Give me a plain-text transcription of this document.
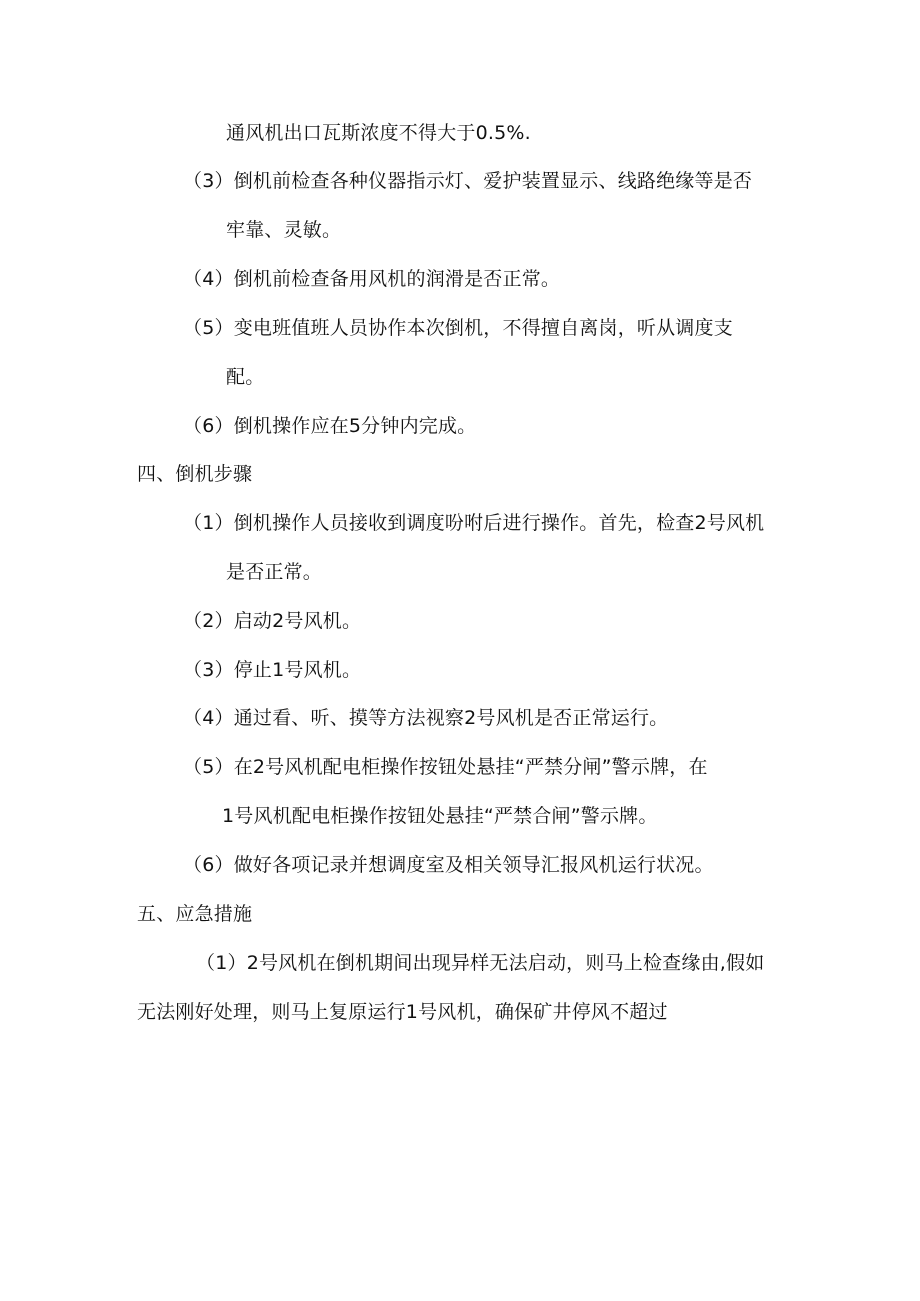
通风机出口瓦斯浓度不得大于0.5%.
（3）倒机前检查各种仪器指示灯、爱护装置显示、线路绝缘等是否
牢靠、灵敏。
（4）倒机前检查备用风机的润滑是否正常。
（5）变电班值班人员协作本次倒机，不得擅自离岗，听从调度支
配。
（6）倒机操作应在5分钟内完成。
四、倒机步骤
（1）倒机操作人员接收到调度吩咐后进行操作。首先，检查2号风机
是否正常。
（2）启动2号风机。
（3）停止1号风机。
（4）通过看、听、摸等方法视察2号风机是否正常运行。
（5）在2号风机配电柜操作按钮处悬挂“严禁分闸”警示牌，在
1号风机配电柜操作按钮处悬挂“严禁合闸”警示牌。
（6）做好各项记录并想调度室及相关领导汇报风机运行状况。
五、应急措施
（1）2号风机在倒机期间出现异样无法启动，则马上检查缘由,假如
无法刚好处理，则马上复原运行1号风机，确保矿井停风不超过
